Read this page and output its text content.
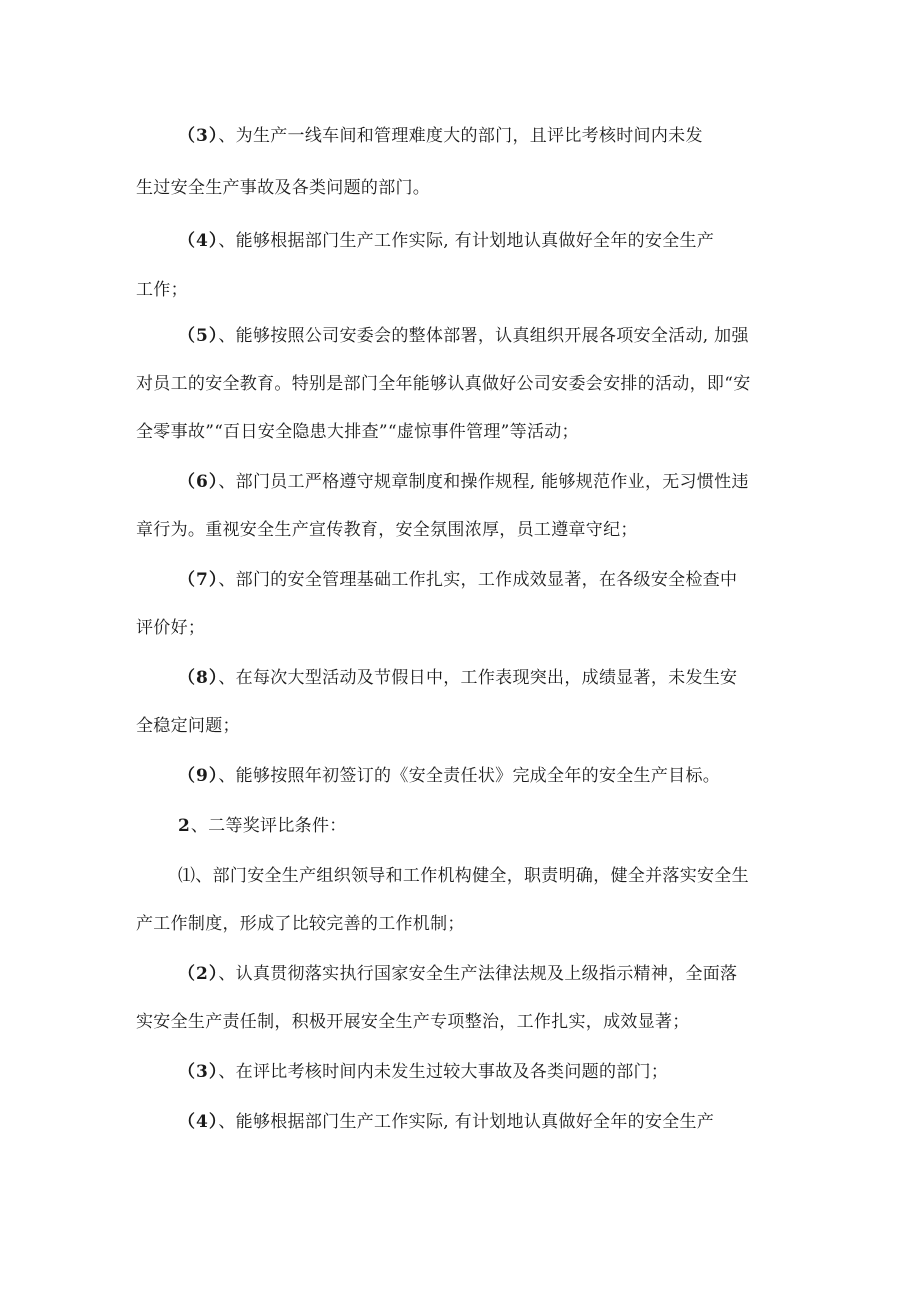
（3）、为生产一线车间和管理难度大的部门，且评比考核时间内未发
生过安全生产事故及各类问题的部门。
（4）、能够根据部门生产工作实际, 有计划地认真做好全年的安全生产
工作；
（5）、能够按照公司安委会的整体部署，认真组织开展各项安全活动, 加强
对员工的安全教育。特别是部门全年能够认真做好公司安委会安排的活动，即“安
全零事故”“百日安全隐患大排查”“虚惊事件管理”等活动；
（6）、部门员工严格遵守规章制度和操作规程, 能够规范作业，无习惯性违
章行为。重视安全生产宣传教育，安全氛围浓厚，员工遵章守纪；
（7）、部门的安全管理基础工作扎实，工作成效显著，在各级安全检查中
评价好；
（8）、在每次大型活动及节假日中，工作表现突出，成绩显著，未发生安
全稳定问题；
（9）、能够按照年初签订的《安全责任状》完成全年的安全生产目标。
2、二等奖评比条件：
⑴、部门安全生产组织领导和工作机构健全，职责明确，健全并落实安全生
产工作制度，形成了比较完善的工作机制；
（2）、认真贯彻落实执行国家安全生产法律法规及上级指示精神，全面落
实安全生产责任制，积极开展安全生产专项整治，工作扎实，成效显著；
（3）、在评比考核时间内未发生过较大事故及各类问题的部门；
（4）、能够根据部门生产工作实际, 有计划地认真做好全年的安全生产
